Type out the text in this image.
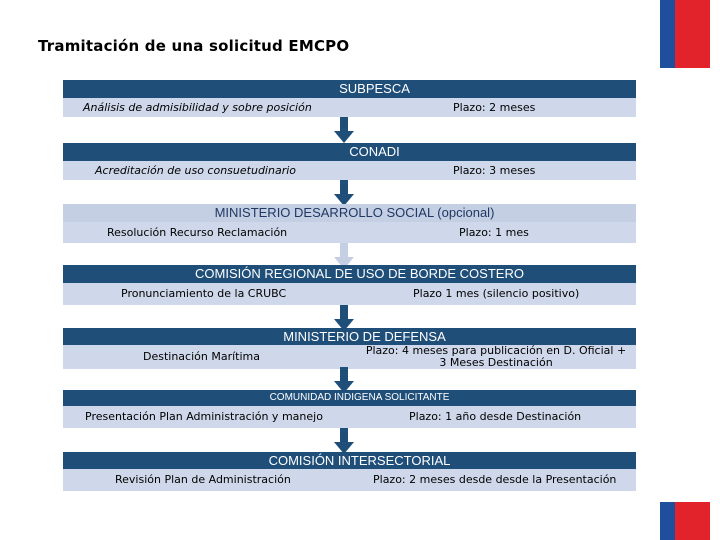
Tramitación de una solicitud EMCPO
SUBPESCA
Análisis de admisibilidad y sobre posición	Plazo: 2 meses
CONADI
Acreditación de uso consuetudinario	Plazo: 3 meses
MINISTERIO DESARROLLO SOCIAL (opcional)
Resolución Recurso Reclamación	Plazo: 1 mes
COMISIÓN REGIONAL DE USO DE BORDE COSTERO
Pronunciamiento de la CRUBC	Plazo 1 mes (silencio positivo)
MINISTERIO DE DEFENSA
Destinación Marítima	Plazo: 4 meses para publicación en D. Oficial + 3 Meses Destinación
COMUNIDAD INDIGENA SOLICITANTE
Presentación Plan Administración y manejo	Plazo: 1 año desde Destinación
COMISIÓN INTERSECTORIAL
Revisión Plan de Administración	Plazo: 2 meses desde desde la Presentación
